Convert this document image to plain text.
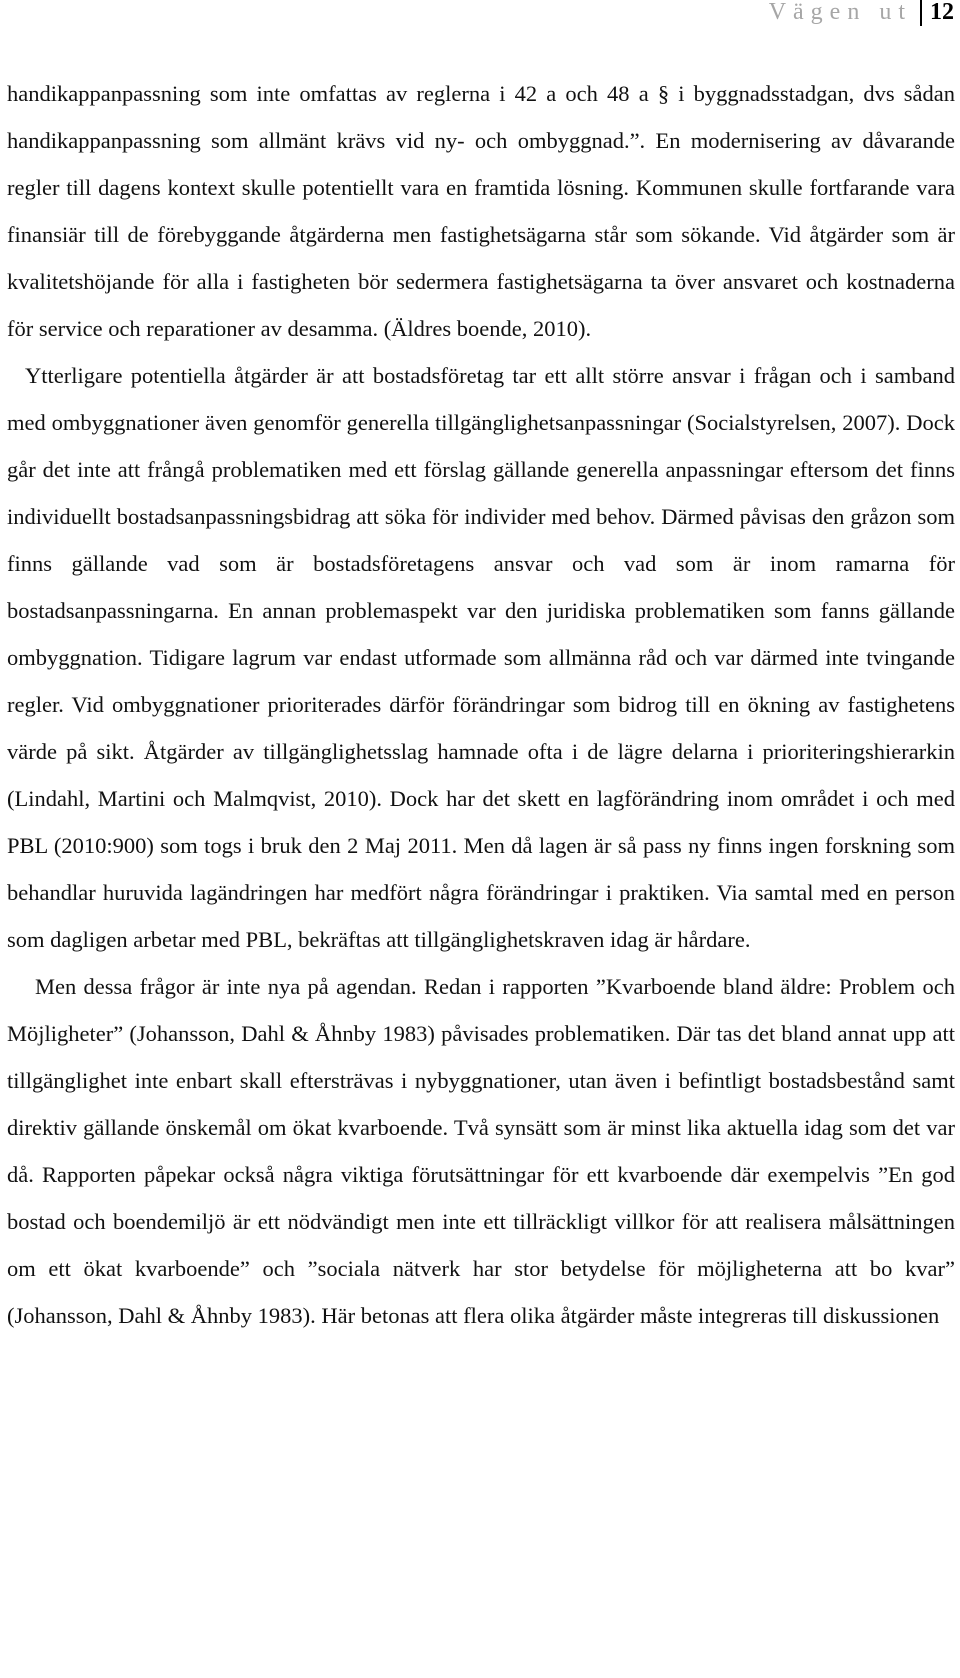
Vägen ut 12

handikappanpassning som inte omfattas av reglerna i 42 a och 48 a § i byggnadsstadgan, dvs sådan handikappanpassning som allmänt krävs vid ny- och ombyggnad.”. En modernisering av dåvarande regler till dagens kontext skulle potentiellt vara en framtida lösning. Kommunen skulle fortfarande vara finansiär till de förebyggande åtgärderna men fastighetsägarna står som sökande. Vid åtgärder som är kvalitetshöjande för alla i fastigheten bör sedermera fastighetsägarna ta över ansvaret och kostnaderna för service och reparationer av desamma. (Äldres boende, 2010).

Ytterligare potentiella åtgärder är att bostadsföretag tar ett allt större ansvar i frågan och i samband med ombyggnationer även genomför generella tillgänglighetsanpassningar (Socialstyrelsen, 2007). Dock går det inte att frångå problematiken med ett förslag gällande generella anpassningar eftersom det finns individuellt bostadsanpassningsbidrag att söka för individer med behov. Därmed påvisas den gråzon som finns gällande vad som är bostadsföretagens ansvar och vad som är inom ramarna för bostadsanpassningarna. En annan problemaspekt var den juridiska problematiken som fanns gällande ombyggnation. Tidigare lagrum var endast utformade som allmänna råd och var därmed inte tvingande regler. Vid ombyggnationer prioriterades därför förändringar som bidrog till en ökning av fastighetens värde på sikt. Åtgärder av tillgänglighetsslag hamnade ofta i de lägre delarna i prioriteringshierarkin (Lindahl, Martini och Malmqvist, 2010). Dock har det skett en lagförändring inom området i och med PBL (2010:900) som togs i bruk den 2 Maj 2011. Men då lagen är så pass ny finns ingen forskning som behandlar huruvida lagändringen har medfört några förändringar i praktiken. Via samtal med en person som dagligen arbetar med PBL, bekräftas att tillgänglighetskraven idag är hårdare.

Men dessa frågor är inte nya på agendan. Redan i rapporten ”Kvarboende bland äldre: Problem och Möjligheter” (Johansson, Dahl & Åhnby 1983) påvisades problematiken. Där tas det bland annat upp att tillgänglighet inte enbart skall eftersträvas i nybyggnationer, utan även i befintligt bostadsbestånd samt direktiv gällande önskemål om ökat kvarboende. Två synsätt som är minst lika aktuella idag som det var då. Rapporten påpekar också några viktiga förutsättningar för ett kvarboende där exempelvis ”En god bostad och boendemiljö är ett nödvändigt men inte ett tillräckligt villkor för att realisera målsättningen om ett ökat kvarboende” och ”sociala nätverk har stor betydelse för möjligheterna att bo kvar” (Johansson, Dahl & Åhnby 1983). Här betonas att flera olika åtgärder måste integreras till diskussionen
